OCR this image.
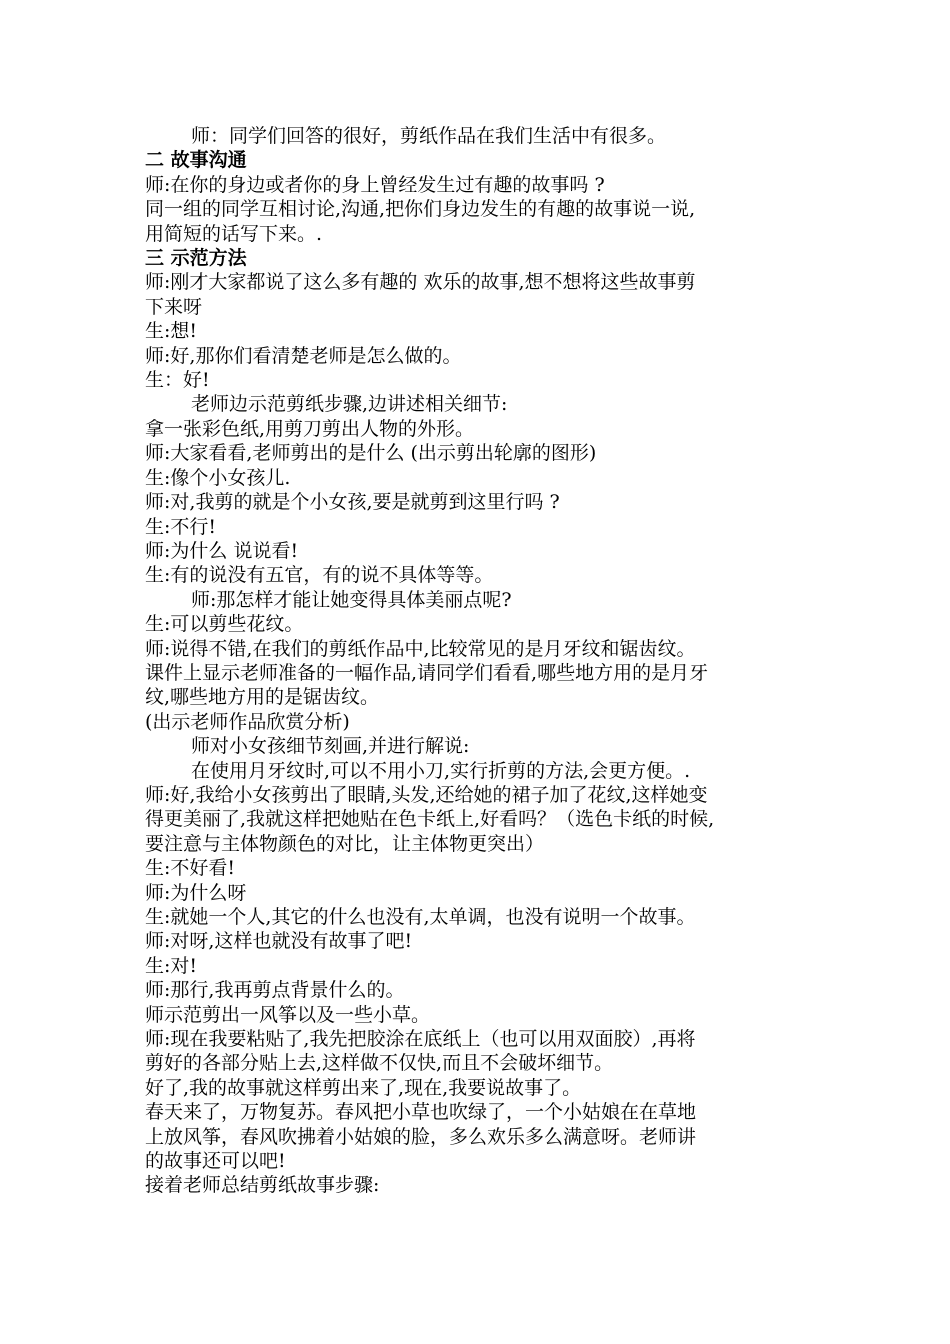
师：同学们回答的很好，剪纸作品在我们生活中有很多。

二 故事沟通

师:在你的身边或者你的身上曾经发生过有趣的故事吗 ?

同一组的同学互相讨论,沟通,把你们身边发生的有趣的故事说一说,

用简短的话写下来。.

三 示范方法

师:刚才大家都说了这么多有趣的 欢乐的故事,想不想将这些故事剪

下来呀

生:想!

师:好,那你们看清楚老师是怎么做的。

生：好!

老师边示范剪纸步骤,边讲述相关细节:

拿一张彩色纸,用剪刀剪出人物的外形。

师:大家看看,老师剪出的是什么 (出示剪出轮廓的图形)

生:像个小女孩儿.

师:对,我剪的就是个小女孩,要是就剪到这里行吗 ?

生:不行!

师:为什么 说说看!

生:有的说没有五官，有的说不具体等等。

师:那怎样才能让她变得具体美丽点呢?

生:可以剪些花纹。

师:说得不错,在我们的剪纸作品中,比较常见的是月牙纹和锯齿纹。

课件上显示老师准备的一幅作品,请同学们看看,哪些地方用的是月牙

纹,哪些地方用的是锯齿纹。

(出示老师作品欣赏分析)

师对小女孩细节刻画,并进行解说:

在使用月牙纹时,可以不用小刀,实行折剪的方法,会更方便。.

师:好,我给小女孩剪出了眼睛,头发,还给她的裙子加了花纹,这样她变

得更美丽了,我就这样把她贴在色卡纸上,好看吗？（选色卡纸的时候,

要注意与主体物颜色的对比，让主体物更突出）

生:不好看!

师:为什么呀

生:就她一个人,其它的什么也没有,太单调，也没有说明一个故事。

师:对呀,这样也就没有故事了吧!

生:对!

师:那行,我再剪点背景什么的。

师示范剪出一风筝以及一些小草。

师:现在我要粘贴了,我先把胶涂在底纸上（也可以用双面胶）,再将

剪好的各部分贴上去,这样做不仅快,而且不会破坏细节。

好了,我的故事就这样剪出来了,现在,我要说故事了。

春天来了，万物复苏。春风把小草也吹绿了，一个小姑娘在在草地

上放风筝，春风吹拂着小姑娘的脸，多么欢乐多么满意呀。老师讲

的故事还可以吧!

接着老师总结剪纸故事步骤:
